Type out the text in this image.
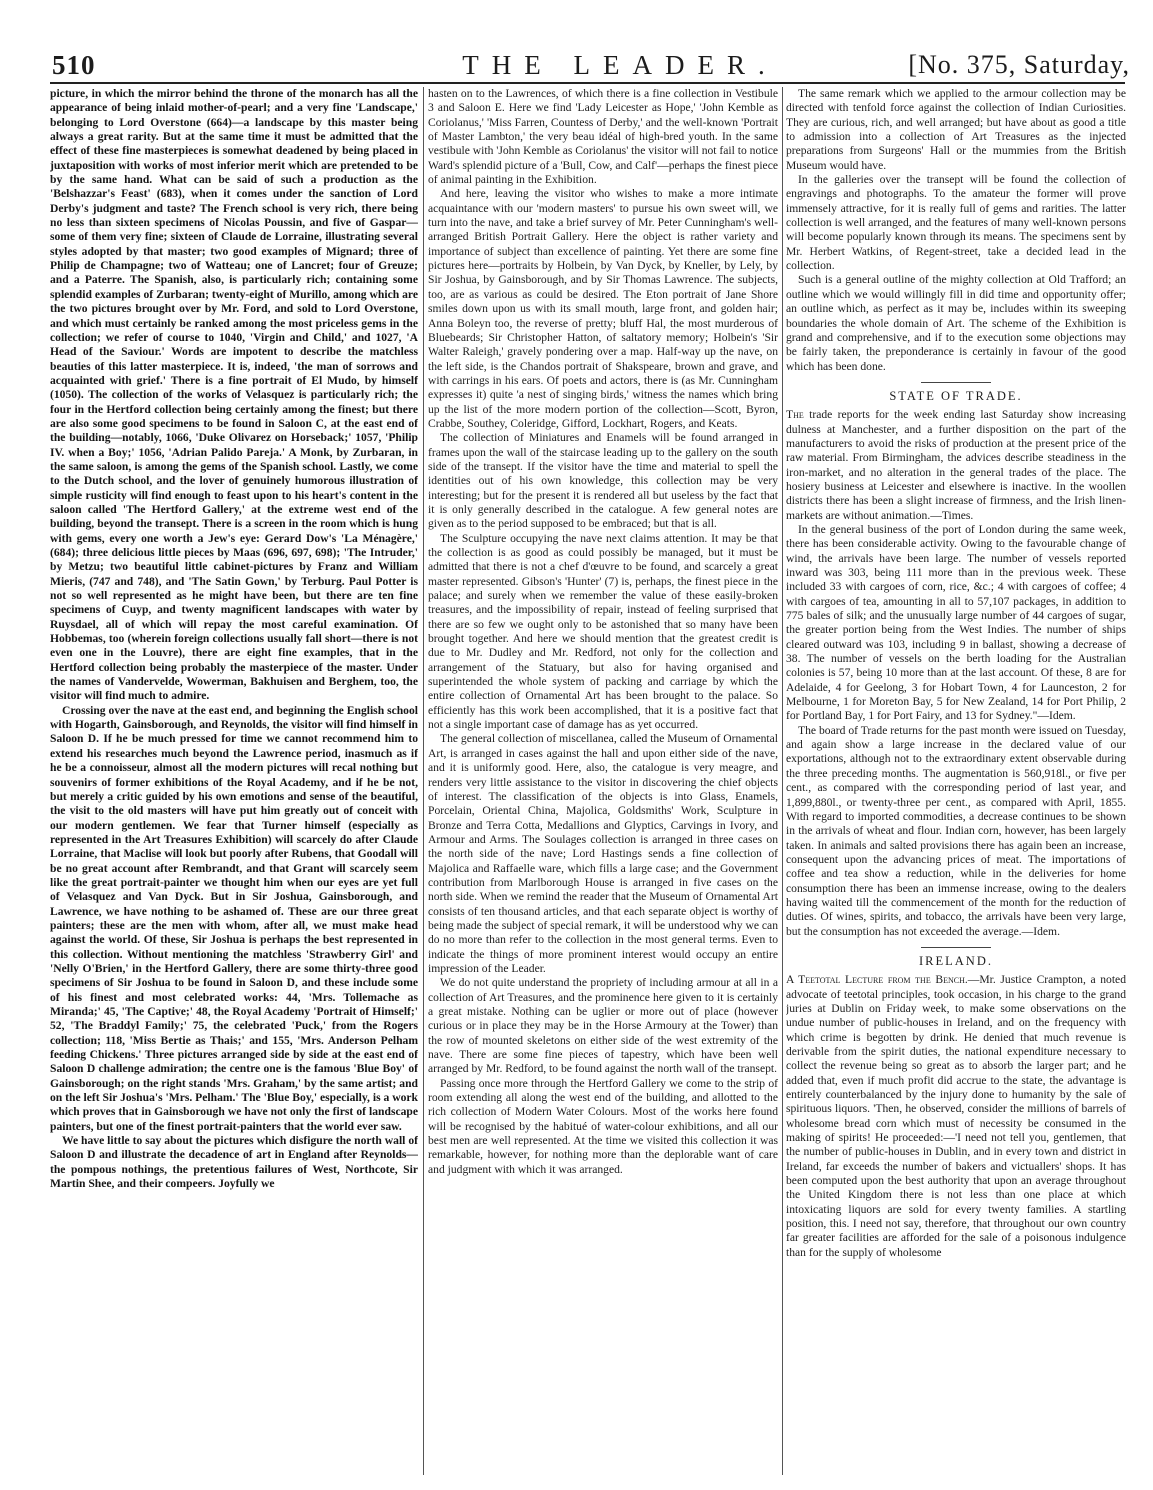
510	THE LEADER.	[No. 375, Saturday,

picture, in which the mirror behind the throne of the monarch has all the appearance of being inlaid mother-of-pearl; and a very fine 'Landscape,' belonging to Lord Overstone (664)—a landscape by this master being always a great rarity. But at the same time it must be admitted that the effect of these fine masterpieces is somewhat deadened by being placed in juxtaposition with works of most inferior merit which are pretended to be by the same hand. What can be said of such a production as the 'Belshazzar's Feast' (683), when it comes under the sanction of Lord Derby's judgment and taste? The French school is very rich, there being no less than sixteen specimens of Nicolas Poussin, and five of Gaspar—some of them very fine; sixteen of Claude de Lorraine, illustrating several styles adopted by that master; two good examples of Mignard; three of Philip de Champagne; two of Watteau; one of Lancret; four of Greuze; and a Paterre. The Spanish, also, is particularly rich; containing some splendid examples of Zurbaran; twenty-eight of Murillo, among which are the two pictures brought over by Mr. Ford, and sold to Lord Overstone, and which must certainly be ranked among the most priceless gems in the collection; we refer of course to 1040, 'Virgin and Child,' and 1027, 'A Head of the Saviour.' Words are impotent to describe the matchless beauties of this latter masterpiece. It is, indeed, 'the man of sorrows and acquainted with grief.' There is a fine portrait of El Mudo, by himself (1050). The collection of the works of Velasquez is particularly rich; the four in the Hertford collection being certainly among the finest; but there are also some good specimens to be found in Saloon C, at the east end of the building—notably, 1066, 'Duke Olivarez on Horseback;' 1057, 'Philip IV. when a Boy;' 1056, 'Adrian Palido Pareja.' A Monk, by Zurbaran, in the same saloon, is among the gems of the Spanish school. Lastly, we come to the Dutch school, and the lover of genuinely humorous illustration of simple rusticity will find enough to feast upon to his heart's content in the saloon called 'The Hertford Gallery,' at the extreme west end of the building, beyond the transept. There is a screen in the room which is hung with gems, every one worth a Jew's eye: Gerard Dow's 'La Ménagère,' (684); three delicious little pieces by Maas (696, 697, 698); 'The Intruder,' by Metzu; two beautiful little cabinet-pictures by Franz and William Mieris, (747 and 748), and 'The Satin Gown,' by Terburg. Paul Potter is not so well represented as he might have been, but there are ten fine specimens of Cuyp, and twenty magnificent landscapes with water by Ruysdael, all of which will repay the most careful examination. Of Hobbemas, too (wherein foreign collections usually fall short—there is not even one in the Louvre), there are eight fine examples, that in the Hertford collection being probably the masterpiece of the master. Under the names of Vandervelde, Wowerman, Bakhuisen and Berghem, too, the visitor will find much to admire.

Crossing over the nave at the east end, and beginning the English school with Hogarth, Gainsborough, and Reynolds, the visitor will find himself in Saloon D. If he be much pressed for time we cannot recommend him to extend his researches much beyond the Lawrence period, inasmuch as if he be a connoisseur, almost all the modern pictures will recal nothing but souvenirs of former exhibitions of the Royal Academy, and if he be not, but merely a critic guided by his own emotions and sense of the beautiful, the visit to the old masters will have put him greatly out of conceit with our modern gentlemen. We fear that Turner himself (especially as represented in the Art Treasures Exhibition) will scarcely do after Claude Lorraine, that Maclise will look but poorly after Rubens, that Goodall will be no great account after Rembrandt, and that Grant will scarcely seem like the great portrait-painter we thought him when our eyes are yet full of Velasquez and Van Dyck. But in Sir Joshua, Gainsborough, and Lawrence, we have nothing to be ashamed of. These are our three great painters; these are the men with whom, after all, we must make head against the world. Of these, Sir Joshua is perhaps the best represented in this collection. Without mentioning the matchless 'Strawberry Girl' and 'Nelly O'Brien,' in the Hertford Gallery, there are some thirty-three good specimens of Sir Joshua to be found in Saloon D, and these include some of his finest and most celebrated works: 44, 'Mrs. Tollemache as Miranda;' 45, 'The Captive;' 48, the Royal Academy 'Portrait of Himself;' 52, 'The Braddyl Family;' 75, the celebrated 'Puck,' from the Rogers collection; 118, 'Miss Bertie as Thais;' and 155, 'Mrs. Anderson Pelham feeding Chickens.' Three pictures arranged side by side at the east end of Saloon D challenge admiration; the centre one is the famous 'Blue Boy' of Gainsborough; on the right stands 'Mrs. Graham,' by the same artist; and on the left Sir Joshua's 'Mrs. Pelham.' The 'Blue Boy,' especially, is a work which proves that in Gainsborough we have not only the first of landscape painters, but one of the finest portrait-painters that the world ever saw.

We have little to say about the pictures which disfigure the north wall of Saloon D and illustrate the decadence of art in England after Reynolds—the pompous nothings, the pretentious failures of West, Northcote, Sir Martin Shee, and their compeers. Joyfully we

hasten on to the Lawrences, of which there is a fine collection in Vestibule 3 and Saloon E. Here we find 'Lady Leicester as Hope,' 'John Kemble as Coriolanus,' 'Miss Farren, Countess of Derby,' and the well-known 'Portrait of Master Lambton,' the very beau idéal of high-bred youth. In the same vestibule with 'John Kemble as Coriolanus' the visitor will not fail to notice Ward's splendid picture of a 'Bull, Cow, and Calf'—perhaps the finest piece of animal painting in the Exhibition.

And here, leaving the visitor who wishes to make a more intimate acquaintance with our 'modern masters' to pursue his own sweet will, we turn into the nave, and take a brief survey of Mr. Peter Cunningham's well-arranged British Portrait Gallery. Here the object is rather variety and importance of subject than excellence of painting. Yet there are some fine pictures here—portraits by Holbein, by Van Dyck, by Kneller, by Lely, by Sir Joshua, by Gainsborough, and by Sir Thomas Lawrence. The subjects, too, are as various as could be desired. The Eton portrait of Jane Shore smiles down upon us with its small mouth, large front, and golden hair; Anna Boleyn too, the reverse of pretty; bluff Hal, the most murderous of Bluebeards; Sir Christopher Hatton, of saltatory memory; Holbein's 'Sir Walter Raleigh,' gravely pondering over a map. Half-way up the nave, on the left side, is the Chandos portrait of Shakspeare, brown and grave, and with carrings in his ears. Of poets and actors, there is (as Mr. Cunningham expresses it) quite 'a nest of singing birds,' witness the names which bring up the list of the more modern portion of the collection—Scott, Byron, Crabbe, Southey, Coleridge, Gifford, Lockhart, Rogers, and Keats.

The collection of Miniatures and Enamels will be found arranged in frames upon the wall of the staircase leading up to the gallery on the south side of the transept. If the visitor have the time and material to spell the identities out of his own knowledge, this collection may be very interesting; but for the present it is rendered all but useless by the fact that it is only generally described in the catalogue. A few general notes are given as to the period supposed to be embraced; but that is all.

The Sculpture occupying the nave next claims attention. It may be that the collection is as good as could possibly be managed, but it must be admitted that there is not a chef d'œuvre to be found, and scarcely a great master represented. Gibson's 'Hunter' (7) is, perhaps, the finest piece in the palace; and surely when we remember the value of these easily-broken treasures, and the impossibility of repair, instead of feeling surprised that there are so few we ought only to be astonished that so many have been brought together. And here we should mention that the greatest credit is due to Mr. Dudley and Mr. Redford, not only for the collection and arrangement of the Statuary, but also for having organised and superintended the whole system of packing and carriage by which the entire collection of Ornamental Art has been brought to the palace. So efficiently has this work been accomplished, that it is a positive fact that not a single important case of damage has as yet occurred.

The general collection of miscellanea, called the Museum of Ornamental Art, is arranged in cases against the hall and upon either side of the nave, and it is uniformly good. Here, also, the catalogue is very meagre, and renders very little assistance to the visitor in discovering the chief objects of interest. The classification of the objects is into Glass, Enamels, Porcelain, Oriental China, Majolica, Goldsmiths' Work, Sculpture in Bronze and Terra Cotta, Medallions and Glyptics, Carvings in Ivory, and Armour and Arms. The Soulages collection is arranged in three cases on the north side of the nave; Lord Hastings sends a fine collection of Majolica and Raffaelle ware, which fills a large case; and the Government contribution from Marlborough House is arranged in five cases on the north side. When we remind the reader that the Museum of Ornamental Art consists of ten thousand articles, and that each separate object is worthy of being made the subject of special remark, it will be understood why we can do no more than refer to the collection in the most general terms. Even to indicate the things of more prominent interest would occupy an entire impression of the Leader.

We do not quite understand the propriety of including armour at all in a collection of Art Treasures, and the prominence here given to it is certainly a great mistake. Nothing can be uglier or more out of place (however curious or in place they may be in the Horse Armoury at the Tower) than the row of mounted skeletons on either side of the west extremity of the nave. There are some fine pieces of tapestry, which have been well arranged by Mr. Redford, to be found against the north wall of the transept.

Passing once more through the Hertford Gallery we come to the strip of room extending all along the west end of the building, and allotted to the rich collection of Modern Water Colours. Most of the works here found will be recognised by the habitué of water-colour exhibitions, and all our best men are well represented. At the time we visited this collection it was remarkable, however, for nothing more than the deplorable want of care and judgment with which it was arranged.

The same remark which we applied to the armour collection may be directed with tenfold force against the collection of Indian Curiosities. They are curious, rich, and well arranged; but have about as good a title to admission into a collection of Art Treasures as the injected preparations from Surgeons' Hall or the mummies from the British Museum would have.

In the galleries over the transept will be found the collection of engravings and photographs. To the amateur the former will prove immensely attractive, for it is really full of gems and rarities. The latter collection is well arranged, and the features of many well-known persons will become popularly known through its means. The specimens sent by Mr. Herbert Watkins, of Regent-street, take a decided lead in the collection.

Such is a general outline of the mighty collection at Old Trafford; an outline which we would willingly fill in did time and opportunity offer; an outline which, as perfect as it may be, includes within its sweeping boundaries the whole domain of Art. The scheme of the Exhibition is grand and comprehensive, and if to the execution some objections may be fairly taken, the preponderance is certainly in favour of the good which has been done.

STATE OF TRADE.

The trade reports for the week ending last Saturday show increasing dulness at Manchester, and a further disposition on the part of the manufacturers to avoid the risks of production at the present price of the raw material. From Birmingham, the advices describe steadiness in the iron-market, and no alteration in the general trades of the place. The hosiery business at Leicester and elsewhere is inactive. In the woollen districts there has been a slight increase of firmness, and the Irish linen-markets are without animation.—Times.

In the general business of the port of London during the same week, there has been considerable activity. Owing to the favourable change of wind, the arrivals have been large. The number of vessels reported inward was 303, being 111 more than in the previous week. These included 33 with cargoes of corn, rice, &c.; 4 with cargoes of coffee; 4 with cargoes of tea, amounting in all to 57,107 packages, in addition to 775 bales of silk; and the unusually large number of 44 cargoes of sugar, the greater portion being from the West Indies. The number of ships cleared outward was 103, including 9 in ballast, showing a decrease of 38. The number of vessels on the berth loading for the Australian colonies is 57, being 10 more than at the last account. Of these, 8 are for Adelaide, 4 for Geelong, 3 for Hobart Town, 4 for Launceston, 2 for Melbourne, 1 for Moreton Bay, 5 for New Zealand, 14 for Port Philip, 2 for Portland Bay, 1 for Port Fairy, and 13 for Sydney."—Idem.

The board of Trade returns for the past month were issued on Tuesday, and again show a large increase in the declared value of our exportations, although not to the extraordinary extent observable during the three preceding months. The augmentation is 560,918l., or five per cent., as compared with the corresponding period of last year, and 1,899,880l., or twenty-three per cent., as compared with April, 1855. With regard to imported commodities, a decrease continues to be shown in the arrivals of wheat and flour. Indian corn, however, has been largely taken. In animals and salted provisions there has again been an increase, consequent upon the advancing prices of meat. The importations of coffee and tea show a reduction, while in the deliveries for home consumption there has been an immense increase, owing to the dealers having waited till the commencement of the month for the reduction of duties. Of wines, spirits, and tobacco, the arrivals have been very large, but the consumption has not exceeded the average.—Idem.

IRELAND.

A Teetotal Lecture from the Bench.—Mr. Justice Crampton, a noted advocate of teetotal principles, took occasion, in his charge to the grand juries at Dublin on Friday week, to make some observations on the undue number of public-houses in Ireland, and on the frequency with which crime is begotten by drink. He denied that much revenue is derivable from the spirit duties, the national expenditure necessary to collect the revenue being so great as to absorb the larger part; and he added that, even if much profit did accrue to the state, the advantage is entirely counterbalanced by the injury done to humanity by the sale of spirituous liquors. 'Then, he observed, consider the millions of barrels of wholesome bread corn which must of necessity be consumed in the making of spirits! He proceeded:—'I need not tell you, gentlemen, that the number of public-houses in Dublin, and in every town and district in Ireland, far exceeds the number of bakers and victuallers' shops. It has been computed upon the best authority that upon an average throughout the United Kingdom there is not less than one place at which intoxicating liquors are sold for every twenty families. A startling position, this. I need not say, therefore, that throughout our own country far greater facilities are afforded for the sale of a poisonous indulgence than for the supply of wholesome
